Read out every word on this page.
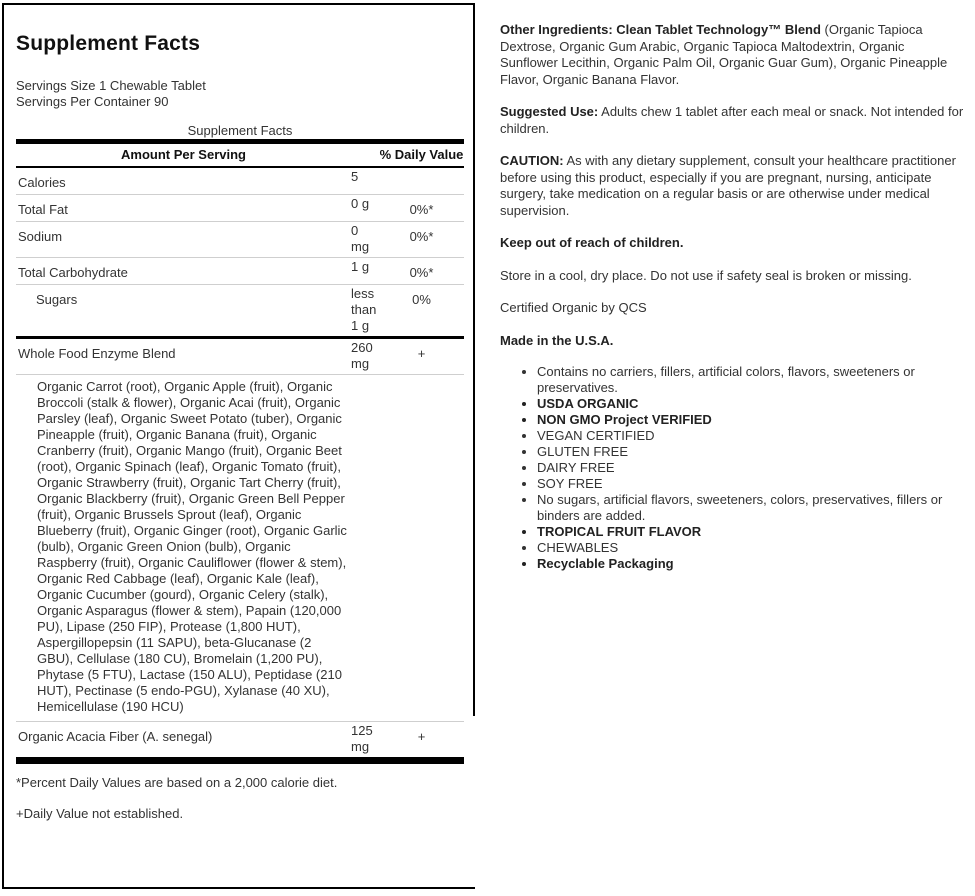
Supplement Facts
Servings Size 1 Chewable Tablet
Servings Per Container 90
Supplement Facts
Amount Per Serving		% Daily Value
Calories	5	
Total Fat	0 g	0%*
Sodium	0 mg	0%*
Total Carbohydrate	1 g	0%*
Sugars	less than 1 g	0%
Whole Food Enzyme Blend	260 mg	+
Organic Carrot (root), Organic Apple (fruit), Organic Broccoli (stalk & flower), Organic Acai (fruit), Organic Parsley (leaf), Organic Sweet Potato (tuber), Organic Pineapple (fruit), Organic Banana (fruit), Organic Cranberry (fruit), Organic Mango (fruit), Organic Beet (root), Organic Spinach (leaf), Organic Tomato (fruit), Organic Strawberry (fruit), Organic Tart Cherry (fruit), Organic Blackberry (fruit), Organic Green Bell Pepper (fruit), Organic Brussels Sprout (leaf), Organic Blueberry (fruit), Organic Ginger (root), Organic Garlic (bulb), Organic Green Onion (bulb), Organic Raspberry (fruit), Organic Cauliflower (flower & stem), Organic Red Cabbage (leaf), Organic Kale (leaf), Organic Cucumber (gourd), Organic Celery (stalk), Organic Asparagus (flower & stem), Papain (120,000 PU), Lipase (250 FIP), Protease (1,800 HUT), Aspergillopepsin (11 SAPU), beta-Glucanase (2 GBU), Cellulase (180 CU), Bromelain (1,200 PU), Phytase (5 FTU), Lactase (150 ALU), Peptidase (210 HUT), Pectinase (5 endo-PGU), Xylanase (40 XU), Hemicellulase (190 HCU)		
Organic Acacia Fiber (A. senegal)	125 mg	+
*Percent Daily Values are based on a 2,000 calorie diet.
+Daily Value not established.

Other Ingredients: Clean Tablet Technology™ Blend (Organic Tapioca Dextrose, Organic Gum Arabic, Organic Tapioca Maltodextrin, Organic Sunflower Lecithin, Organic Palm Oil, Organic Guar Gum), Organic Pineapple Flavor, Organic Banana Flavor.

Suggested Use: Adults chew 1 tablet after each meal or snack. Not intended for children.

CAUTION: As with any dietary supplement, consult your healthcare practitioner before using this product, especially if you are pregnant, nursing, anticipate surgery, take medication on a regular basis or are otherwise under medical supervision.

Keep out of reach of children.

Store in a cool, dry place. Do not use if safety seal is broken or missing.

Certified Organic by QCS

Made in the U.S.A.

• Contains no carriers, fillers, artificial colors, flavors, sweeteners or preservatives.
• USDA ORGANIC
• NON GMO Project VERIFIED
• VEGAN CERTIFIED
• GLUTEN FREE
• DAIRY FREE
• SOY FREE
• No sugars, artificial flavors, sweeteners, colors, preservatives, fillers or binders are added.
• TROPICAL FRUIT FLAVOR
• CHEWABLES
• Recyclable Packaging
